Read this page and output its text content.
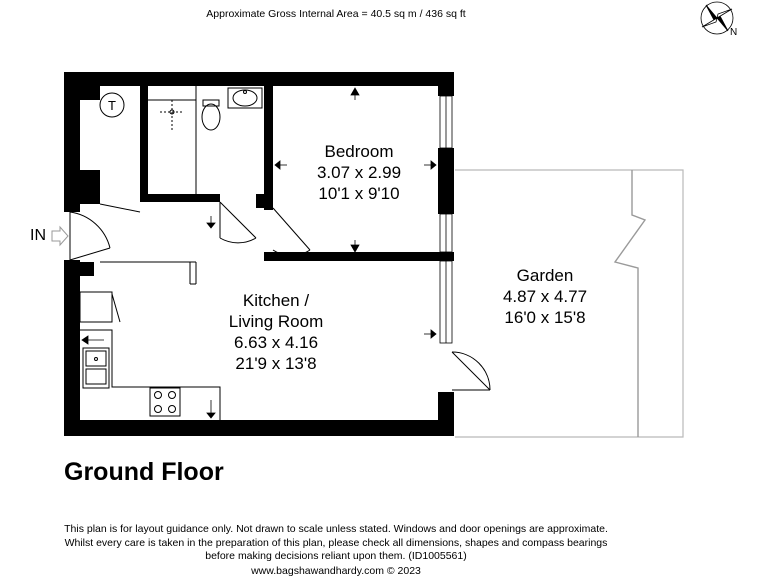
T
Approximate Gross Internal Area = 40.5 sq m / 436 sq ft
N
Bedroom
3.07 x 2.99
10'1 x 9'10
Kitchen /
Living Room
6.63 x 4.16
21'9 x 13'8
Garden
4.87 x 4.77
16'0 x 15'8
IN
Ground Floor
This plan is for layout guidance only. Not drawn to scale unless stated. Windows and door openings are approximate.
Whilst every care is taken in the preparation of this plan, please check all dimensions, shapes and compass bearings
before making decisions reliant upon them. (ID1005561)
www.bagshawandhardy.com © 2023
